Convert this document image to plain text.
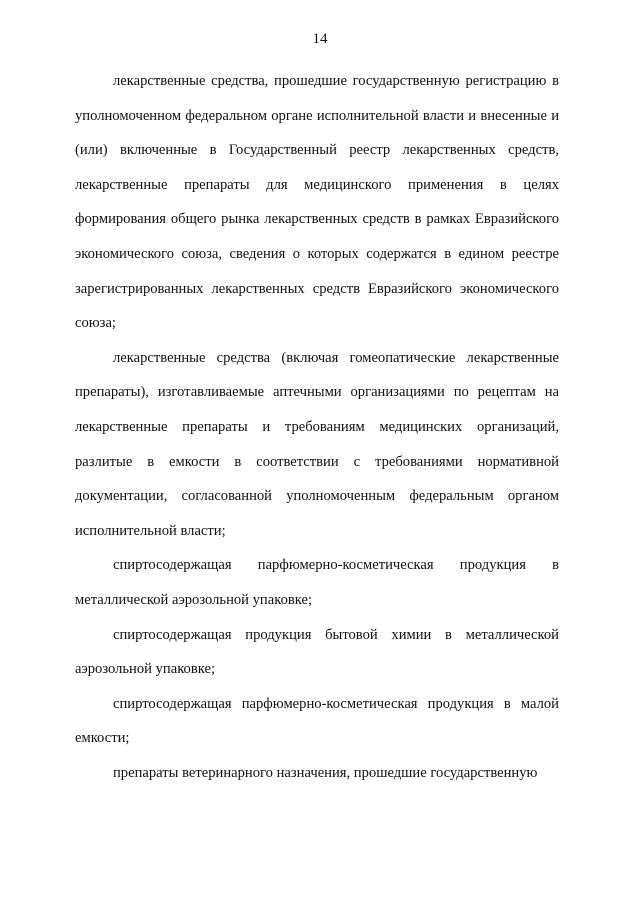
14

лекарственные средства, прошедшие государственную регистрацию в уполномоченном федеральном органе исполнительной власти и внесенные и (или) включенные в Государственный реестр лекарственных средств, лекарственные препараты для медицинского применения в целях формирования общего рынка лекарственных средств в рамках Евразийского экономического союза, сведения о которых содержатся в едином реестре зарегистрированных лекарственных средств Евразийского экономического союза;

лекарственные средства (включая гомеопатические лекарственные препараты), изготавливаемые аптечными организациями по рецептам на лекарственные препараты и требованиям медицинских организаций, разлитые в емкости в соответствии с требованиями нормативной документации, согласованной уполномоченным федеральным органом исполнительной власти;

спиртосодержащая парфюмерно-косметическая продукция в металлической аэрозольной упаковке;

спиртосодержащая продукция бытовой химии в металлической аэрозольной упаковке;

спиртосодержащая парфюмерно-косметическая продукция в малой емкости;

препараты ветеринарного назначения, прошедшие государственную
